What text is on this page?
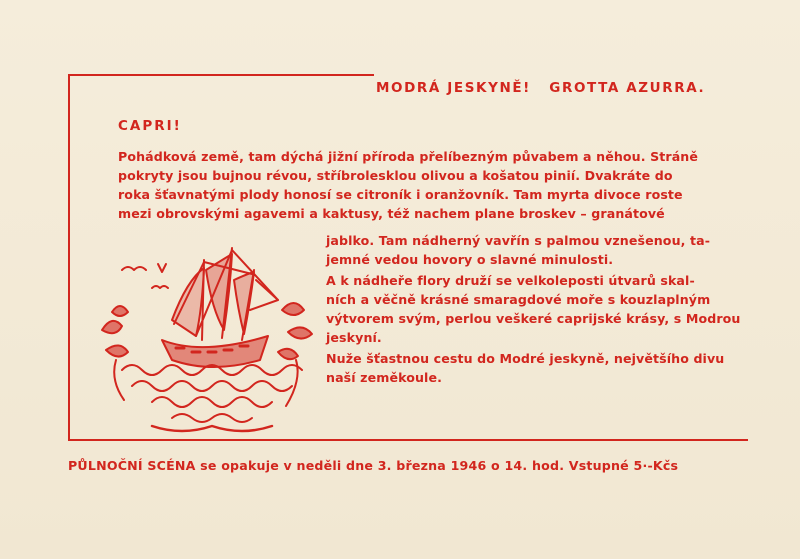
MODRÁ JESKYNĚ! GROTTA AZURRA.
CAPRI!
Pohádková země, tam dýchá jižní příroda přelíbezným půvabem a něhou. Stráně
pokryty jsou bujnou révou, stříbrolesklou olivou a košatou pinií. Dvakráte do
roka šťavnatými plody honosí se citroník i oranžovník. Tam myrta divoce roste
mezi obrovskými agavemi a kaktusy, též nachem plane broskev – granátové
jablko. Tam nádherný vavřín s palmou vznešenou, ta-
jemné vedou hovory o slavné minulosti.
A k nádheře flory druží se velkoleposti útvarů skal-
ních a věčně krásné smaragdové moře s kouzlaplným
výtvorem svým, perlou veškeré caprijské krásy, s Modrou
jeskyní.
Nuže šťastnou cestu do Modré jeskyně, největšího divu
naší zeměkoule.
PŮLNOČNÍ SCÉNA se opakuje v neděli dne 3. března 1946 o 14. hod. Vstupné 5·-Kčs
